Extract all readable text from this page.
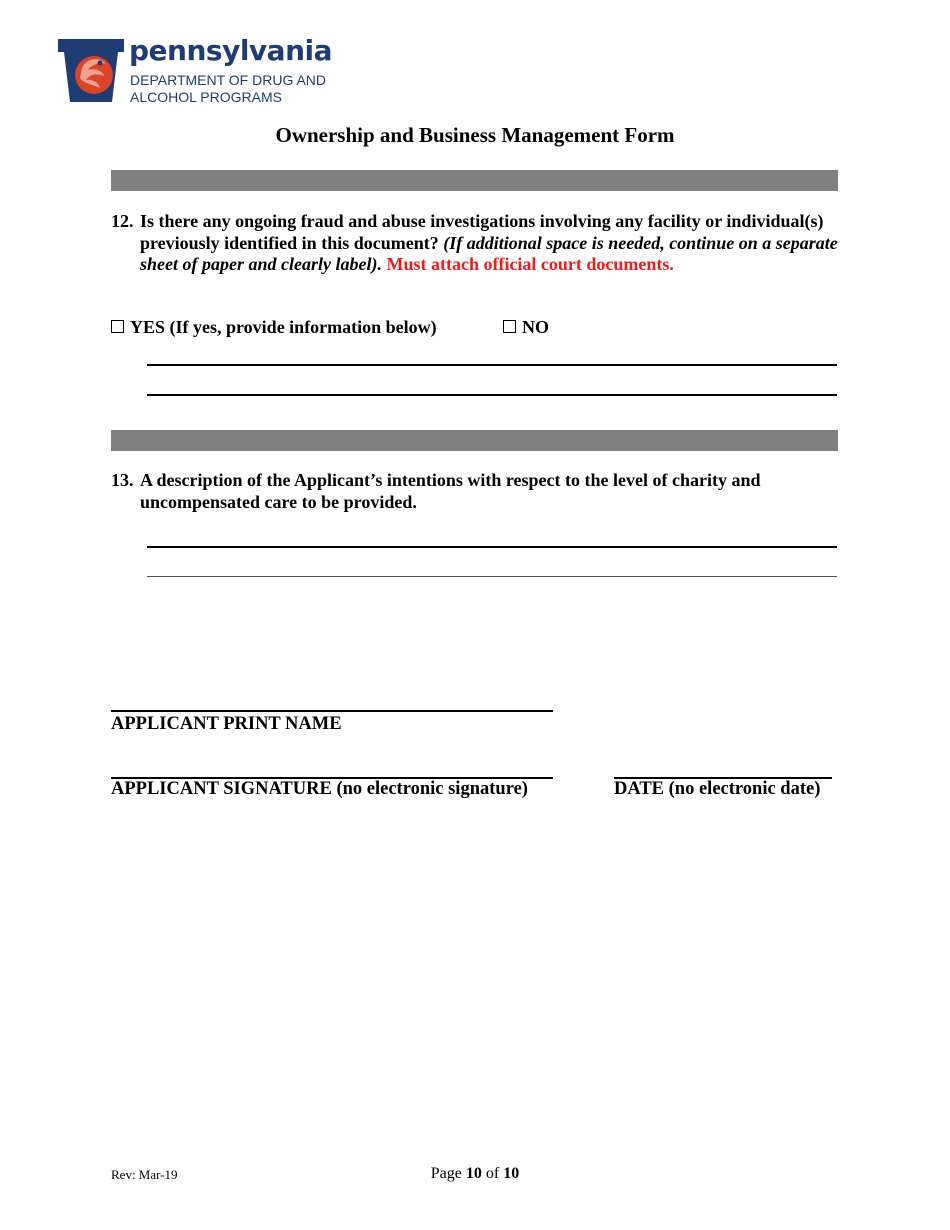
pennsylvania
DEPARTMENT OF DRUG AND
ALCOHOL PROGRAMS
Ownership and Business Management Form
12. Is there any ongoing fraud and abuse investigations involving any facility or individual(s) previously identified in this document? (If additional space is needed, continue on a separate sheet of paper and clearly label). Must attach official court documents.
YES (If yes, provide information below)	NO
13. A description of the Applicant’s intentions with respect to the level of charity and uncompensated care to be provided.
APPLICANT PRINT NAME
APPLICANT SIGNATURE (no electronic signature)	DATE (no electronic date)
Rev: Mar-19	Page 10 of 10
